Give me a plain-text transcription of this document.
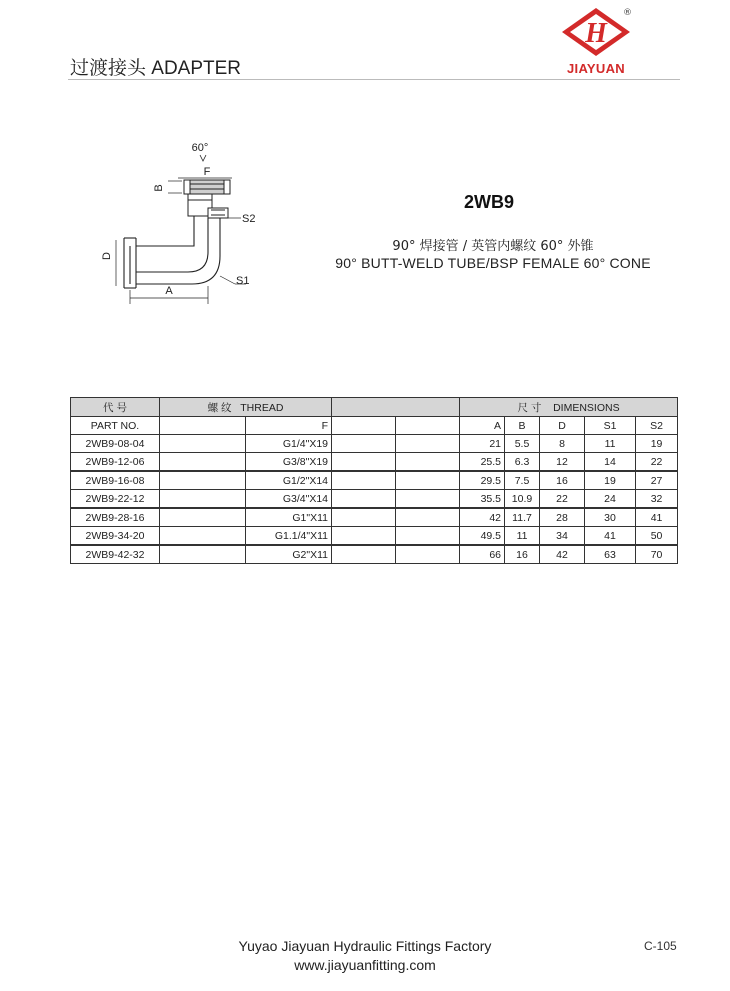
过渡接头 ADAPTER
H
JIAYUAN
®
60°
F
B
S2
S1
D
A
2WB9
90° 焊接管 / 英管内螺纹 60° 外锥
90° BUTT-WELD TUBE/BSP FEMALE 60° CONE
代 号	螺 纹 THREAD				尺 寸 DIMENSIONS				
PART NO.		F			A	B	D	S1	S2
2WB9-08-04		G1/4"X19			21	5.5	8	11	19
2WB9-12-06		G3/8"X19			25.5	6.3	12	14	22
2WB9-16-08		G1/2"X14			29.5	7.5	16	19	27
2WB9-22-12		G3/4"X14			35.5	10.9	22	24	32
2WB9-28-16		G1"X11			42	11.7	28	30	41
2WB9-34-20		G1.1/4"X11			49.5	11	34	41	50
2WB9-42-32		G2"X11			66	16	42	63	70
Yuyao Jiayuan Hydraulic Fittings Factory
www.jiayuanfitting.com
C-105
